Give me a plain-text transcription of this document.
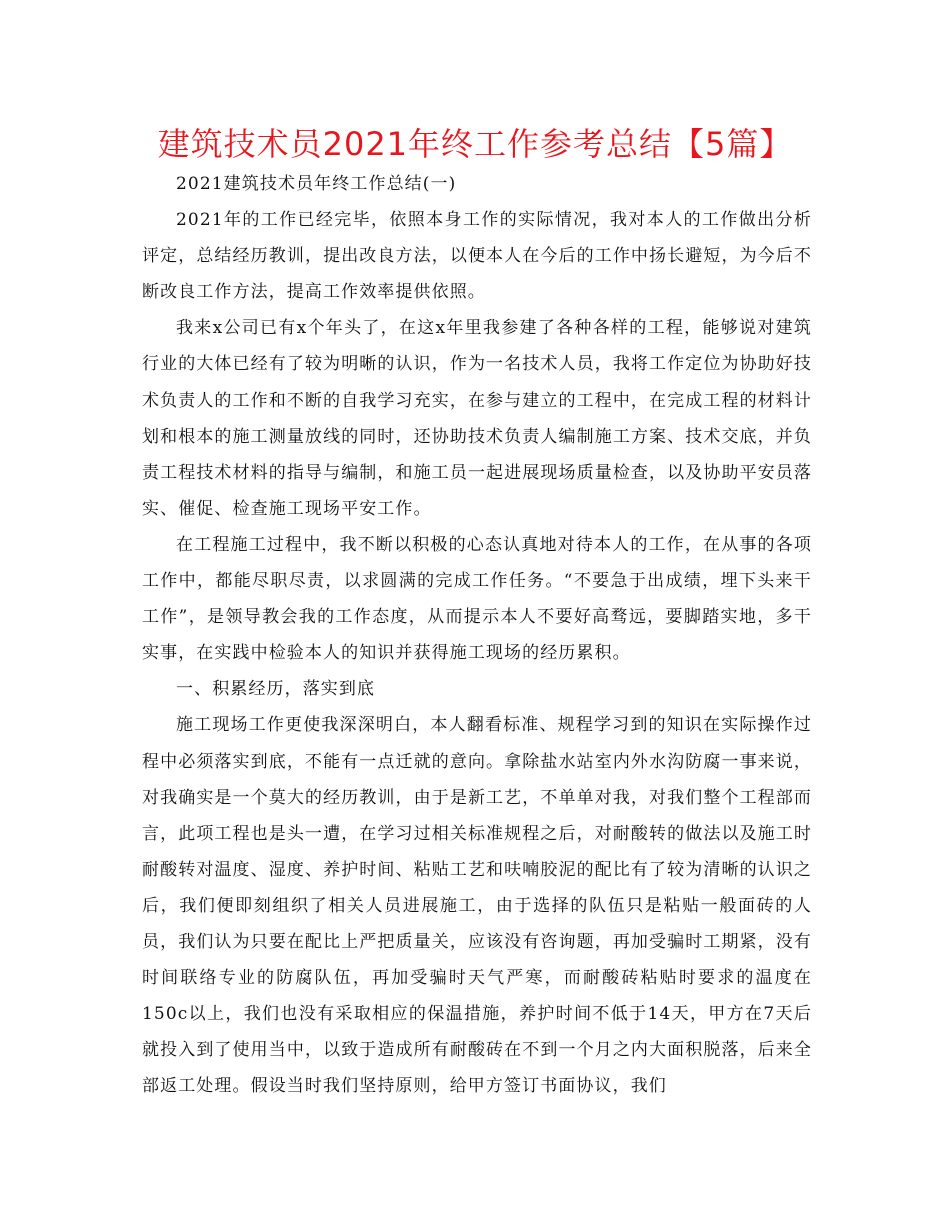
建筑技术员2021年终工作参考总结【5篇】

2021建筑技术员年终工作总结(一)

2021年的工作已经完毕，依照本身工作的实际情况，我对本人的工作做出分析评定，总结经历教训，提出改良方法，以便本人在今后的工作中扬长避短，为今后不断改良工作方法，提高工作效率提供依照。

我来x公司已有x个年头了，在这x年里我参建了各种各样的工程，能够说对建筑行业的大体已经有了较为明晰的认识，作为一名技术人员，我将工作定位为协助好技术负责人的工作和不断的自我学习充实，在参与建立的工程中，在完成工程的材料计划和根本的施工测量放线的同时，还协助技术负责人编制施工方案、技术交底，并负责工程技术材料的指导与编制，和施工员一起进展现场质量检查，以及协助平安员落实、催促、检查施工现场平安工作。

在工程施工过程中，我不断以积极的心态认真地对待本人的工作，在从事的各项工作中，都能尽职尽责，以求圆满的完成工作任务。“不要急于出成绩，埋下头来干工作”，是领导教会我的工作态度，从而提示本人不要好高骛远，要脚踏实地，多干实事，在实践中检验本人的知识并获得施工现场的经历累积。

一、积累经历，落实到底

施工现场工作更使我深深明白，本人翻看标准、规程学习到的知识在实际操作过程中必须落实到底，不能有一点迁就的意向。拿除盐水站室内外水沟防腐一事来说，对我确实是一个莫大的经历教训，由于是新工艺，不单单对我，对我们整个工程部而言，此项工程也是头一遭，在学习过相关标准规程之后，对耐酸转的做法以及施工时耐酸转对温度、湿度、养护时间、粘贴工艺和呋喃胶泥的配比有了较为清晰的认识之后，我们便即刻组织了相关人员进展施工，由于选择的队伍只是粘贴一般面砖的人员，我们认为只要在配比上严把质量关，应该没有咨询题，再加受骗时工期紧，没有时间联络专业的防腐队伍，再加受骗时天气严寒，而耐酸砖粘贴时要求的温度在150c以上，我们也没有采取相应的保温措施，养护时间不低于14天，甲方在7天后就投入到了使用当中，以致于造成所有耐酸砖在不到一个月之内大面积脱落，后来全部返工处理。假设当时我们坚持原则，给甲方签订书面协议，我们
